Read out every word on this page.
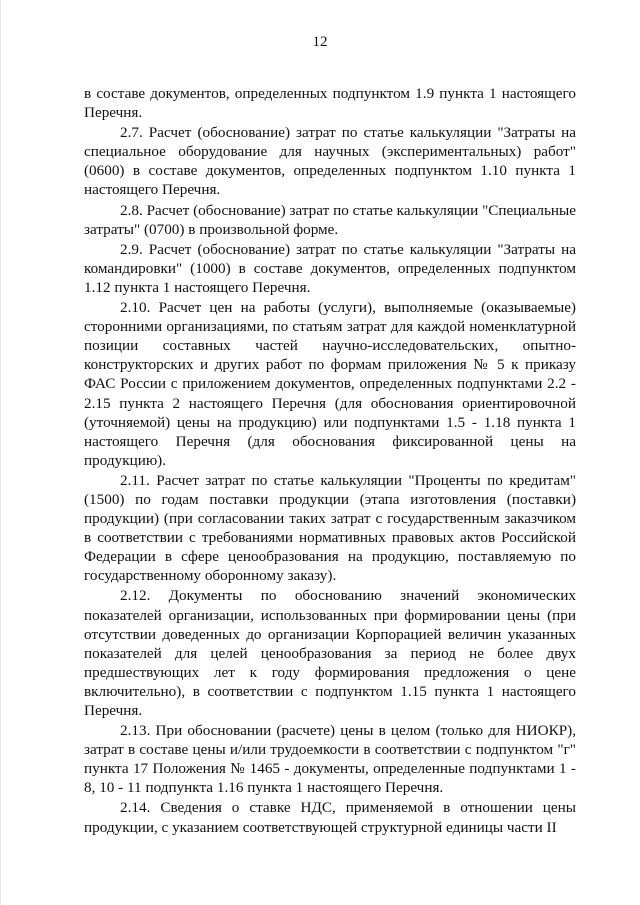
12

в составе документов, определенных подпунктом 1.9 пункта 1 настоящего Перечня.

2.7. Расчет (обоснование) затрат по статье калькуляции "Затраты на специальное оборудование для научных (экспериментальных) работ" (0600) в составе документов, определенных подпунктом 1.10 пункта 1 настоящего Перечня.

2.8. Расчет (обоснование) затрат по статье калькуляции "Специальные затраты" (0700) в произвольной форме.

2.9. Расчет (обоснование) затрат по статье калькуляции "Затраты на командировки" (1000) в составе документов, определенных подпунктом 1.12 пункта 1 настоящего Перечня.

2.10. Расчет цен на работы (услуги), выполняемые (оказываемые) сторонними организациями, по статьям затрат для каждой номенклатурной позиции составных частей научно-исследовательских, опытно-конструкторских и других работ по формам приложения № 5 к приказу ФАС России с приложением документов, определенных подпунктами 2.2 - 2.15 пункта 2 настоящего Перечня (для обоснования ориентировочной (уточняемой) цены на продукцию) или подпунктами 1.5 - 1.18 пункта 1 настоящего Перечня (для обоснования фиксированной цены на продукцию).

2.11. Расчет затрат по статье калькуляции "Проценты по кредитам" (1500) по годам поставки продукции (этапа изготовления (поставки) продукции) (при согласовании таких затрат с государственным заказчиком в соответствии с требованиями нормативных правовых актов Российской Федерации в сфере ценообразования на продукцию, поставляемую по государственному оборонному заказу).

2.12. Документы по обоснованию значений экономических показателей организации, использованных при формировании цены (при отсутствии доведенных до организации Корпорацией величин указанных показателей для целей ценообразования за период не более двух предшествующих лет к году формирования предложения о цене включительно), в соответствии с подпунктом 1.15 пункта 1 настоящего Перечня.

2.13. При обосновании (расчете) цены в целом (только для НИОКР), затрат в составе цены и/или трудоемкости в соответствии с подпунктом "г" пункта 17 Положения № 1465 - документы, определенные подпунктами 1 - 8, 10 - 11 подпункта 1.16 пункта 1 настоящего Перечня.

2.14. Сведения о ставке НДС, применяемой в отношении цены продукции, с указанием соответствующей структурной единицы части II
